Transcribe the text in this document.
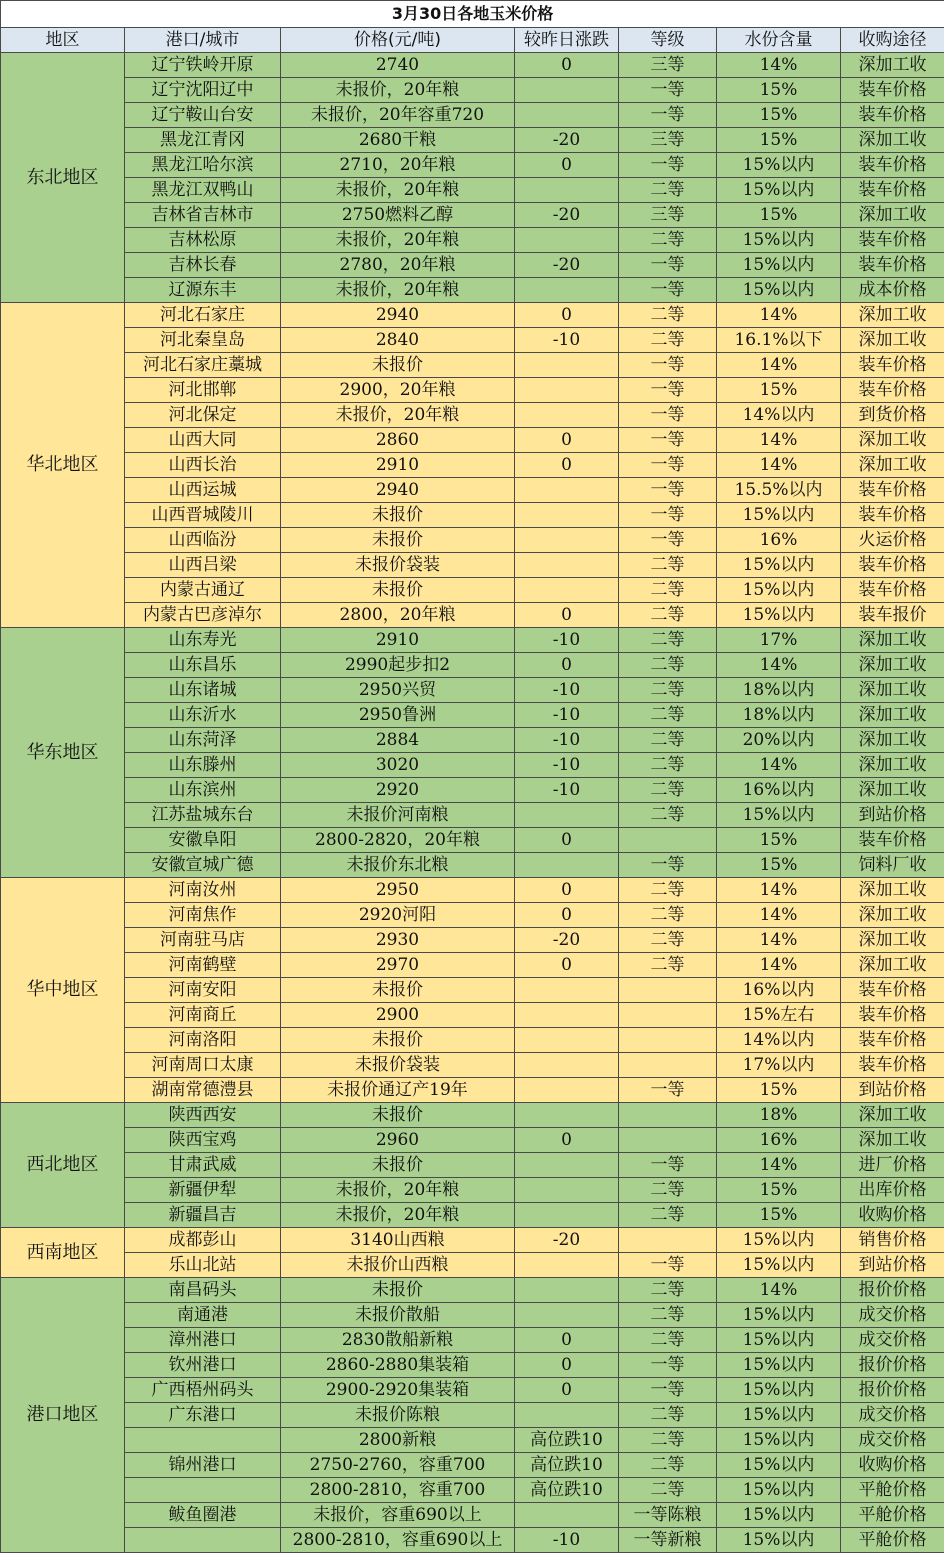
3月30日各地玉米价格						
地区	港口/城市	价格(元/吨)	较昨日涨跌	等级	水份含量	收购途径
东北地区	辽宁铁岭开原	2740	0	三等	14%	深加工收
	辽宁沈阳辽中	未报价，20年粮		一等	15%	装车价格
	辽宁鞍山台安	未报价，20年容重720		一等	15%	装车价格
	黑龙江青冈	2680干粮	-20	三等	15%	深加工收
	黑龙江哈尔滨	2710，20年粮	0	一等	15%以内	装车价格
	黑龙江双鸭山	未报价，20年粮		二等	15%以内	装车价格
	吉林省吉林市	2750燃料乙醇	-20	三等	15%	深加工收
	吉林松原	未报价，20年粮		二等	15%以内	装车价格
	吉林长春	2780，20年粮	-20	一等	15%以内	装车价格
	辽源东丰	未报价，20年粮		一等	15%以内	成本价格
华北地区	河北石家庄	2940	0	二等	14%	深加工收
	河北秦皇岛	2840	-10	二等	16.1%以下	深加工收
	河北石家庄藁城	未报价		一等	14%	装车价格
	河北邯郸	2900，20年粮		一等	15%	装车价格
	河北保定	未报价，20年粮		一等	14%以内	到货价格
	山西大同	2860	0	一等	14%	深加工收
	山西长治	2910	0	一等	14%	深加工收
	山西运城	2940		一等	15.5%以内	装车价格
	山西晋城陵川	未报价		一等	15%以内	装车价格
	山西临汾	未报价		一等	16%	火运价格
	山西吕梁	未报价袋装		二等	15%以内	装车价格
	内蒙古通辽	未报价		二等	15%以内	装车价格
	内蒙古巴彦淖尔	2800，20年粮	0	二等	15%以内	装车报价
华东地区	山东寿光	2910	-10	二等	17%	深加工收
	山东昌乐	2990起步扣2	0	二等	14%	深加工收
	山东诸城	2950兴贸	-10	二等	18%以内	深加工收
	山东沂水	2950鲁洲	-10	二等	18%以内	深加工收
	山东菏泽	2884	-10	二等	20%以内	深加工收
	山东滕州	3020	-10	二等	14%	深加工收
	山东滨州	2920	-10	二等	16%以内	深加工收
	江苏盐城东台	未报价河南粮		二等	15%以内	到站价格
	安徽阜阳	2800-2820，20年粮	0		15%	装车价格
	安徽宣城广德	未报价东北粮		一等	15%	饲料厂收
华中地区	河南汝州	2950	0	二等	14%	深加工收
	河南焦作	2920河阳	0	二等	14%	深加工收
	河南驻马店	2930	-20	二等	14%	深加工收
	河南鹤壁	2970	0	二等	14%	深加工收
	河南安阳	未报价			16%以内	装车价格
	河南商丘	2900			15%左右	装车价格
	河南洛阳	未报价			14%以内	装车价格
	河南周口太康	未报价袋装			17%以内	装车价格
	湖南常德澧县	未报价通辽产19年		一等	15%	到站价格
西北地区	陕西西安	未报价			18%	深加工收
	陕西宝鸡	2960	0		16%	深加工收
	甘肃武威	未报价		一等	14%	进厂价格
	新疆伊犁	未报价，20年粮		二等	15%	出库价格
	新疆昌吉	未报价，20年粮		二等	15%	收购价格
西南地区	成都彭山	3140山西粮	-20		15%以内	销售价格
	乐山北站	未报价山西粮		一等	15%以内	到站价格
港口地区	南昌码头	未报价		二等	14%	报价价格
	南通港	未报价散船		二等	15%以内	成交价格
	漳州港口	2830散船新粮	0	二等	15%以内	成交价格
	钦州港口	2860-2880集装箱	0	一等	15%以内	报价价格
	广西梧州码头	2900-2920集装箱	0	一等	15%以内	报价价格
	广东港口	未报价陈粮		二等	15%以内	成交价格
		2800新粮	高位跌10	二等	15%以内	成交价格
	锦州港口	2750-2760，容重700	高位跌10	二等	15%以内	收购价格
		2800-2810，容重700	高位跌10	二等	15%以内	平舱价格
	鲅鱼圈港	未报价，容重690以上		一等陈粮	15%以内	平舱价格
		2800-2810，容重690以上	-10	一等新粮	15%以内	平舱价格
